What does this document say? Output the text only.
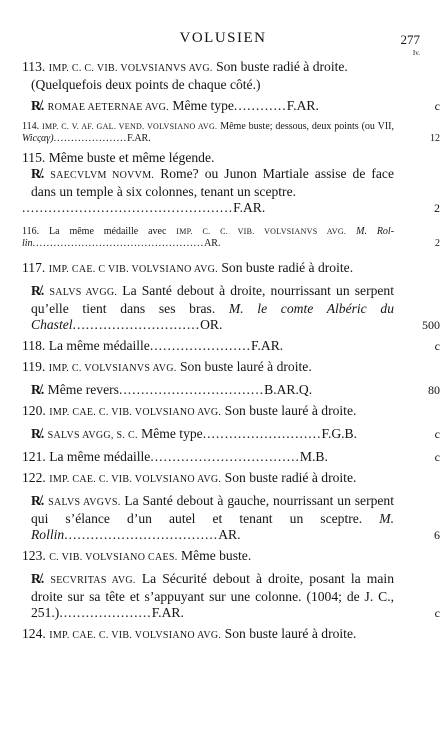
VOLUSIEN	277
Iv.
113. IMP. C. C. VIB. VOLVSIANVS AVG. Son buste radié à droite.
(Quelquefois deux points de chaque côté.)
R̸. ROMAE AETERNAE AVG. Même type............F.AR.	c
114. IMP. C. V. AF. GAL. VEND. VOLVSIANO AVG. Même buste; dessous, deux points (ou VII, Wicςαγ).....................F.AR.	12
115. Même buste et même légende.
R̸. SAECVLVM NOVVM. Rome? ou Junon Martiale assise de face dans un temple à six colonnes, tenant un sceptre.
................................................F.AR.	2
116. La même médaille avec IMP. C. C. VIB. VOLVSIANVS AVG. M. Rol-lin.................................................AR.	2
117. IMP. CAE. C VIB. VOLVSIANO AVG. Son buste radié à droite.
R̸. SALVS AVGG. La Santé debout à droite, nourrissant un serpent qu’elle tient dans ses bras. M. le comte Albéric du Chastel.............................OR.	500
118. La même médaille.......................F.AR.	c
119. IMP. C. VOLVSIANVS AVG. Son buste lauré à droite.
R̸. Même revers.................................B.AR.Q.	80
120. IMP. CAE. C. VIB. VOLVSIANO AVG. Son buste lauré à droite.
R̸. SALVS AVGG, S. C. Même type...........................F.G.B.	c
121. La même médaille..................................M.B.	c
122. IMP. CAE. C. VIB. VOLVSIANO AVG. Son buste radié à droite.
R̸. SALVS AVGVS. La Santé debout à gauche, nourrissant un serpent qui s’élance d’un autel et tenant un sceptre. M. Rollin...................................AR.	6
123. C. VIB. VOLVSIANO CAES. Même buste.
R̸. SECVRITAS AVG. La Sécurité debout à droite, posant la main droite sur sa tête et s’appuyant sur une colonne. (1004; de J. C., 251.).....................F.AR.	c
124. IMP. CAE. C. VIB. VOLVSIANO AVG. Son buste lauré à droite.
